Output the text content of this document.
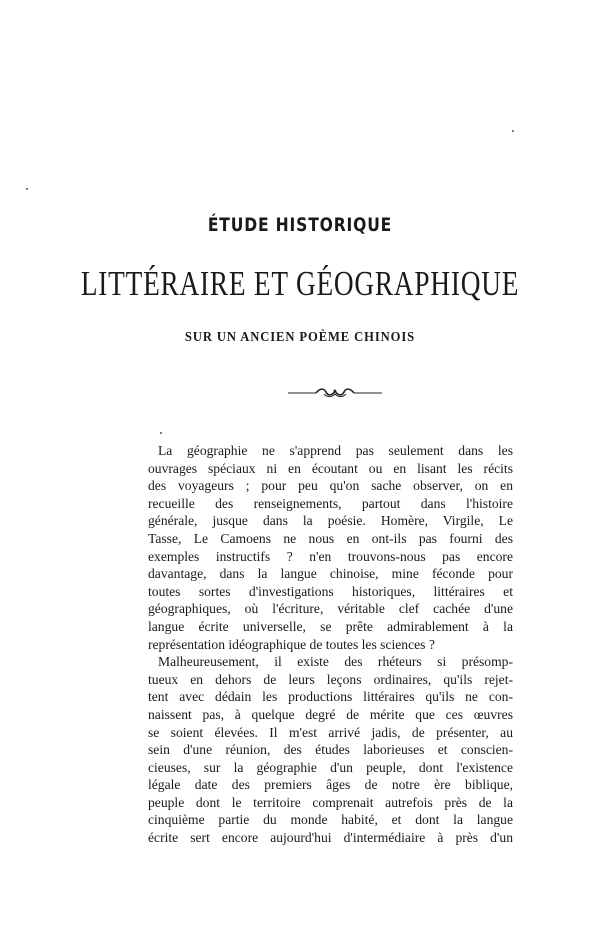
ÉTUDE HISTORIQUE
LITTÉRAIRE ET GÉOGRAPHIQUE
SUR UN ANCIEN POÈME CHINOIS
La géographie ne s'apprend pas seulement dans les
ouvrages spéciaux ni en écoutant ou en lisant les récits
des voyageurs ; pour peu qu'on sache observer, on en
recueille des renseignements, partout dans l'histoire
générale, jusque dans la poésie. Homère, Virgile, Le
Tasse, Le Camoens ne nous en ont-ils pas fourni des
exemples instructifs ? n'en trouvons-nous pas encore
davantage, dans la langue chinoise, mine féconde pour
toutes sortes d'investigations historiques, littéraires et
géographiques, où l'écriture, véritable clef cachée d'une
langue écrite universelle, se prête admirablement à la
représentation idéographique de toutes les sciences ?
Malheureusement, il existe des rhéteurs si présomp-
tueux en dehors de leurs leçons ordinaires, qu'ils rejet-
tent avec dédain les productions littéraires qu'ils ne con-
naissent pas, à quelque degré de mérite que ces œuvres
se soient élevées. Il m'est arrivé jadis, de présenter, au
sein d'une réunion, des études laborieuses et conscien-
cieuses, sur la géographie d'un peuple, dont l'existence
légale date des premiers âges de notre ère biblique,
peuple dont le territoire comprenait autrefois près de la
cinquième partie du monde habité, et dont la langue
écrite sert encore aujourd'hui d'intermédiaire à près d'un
